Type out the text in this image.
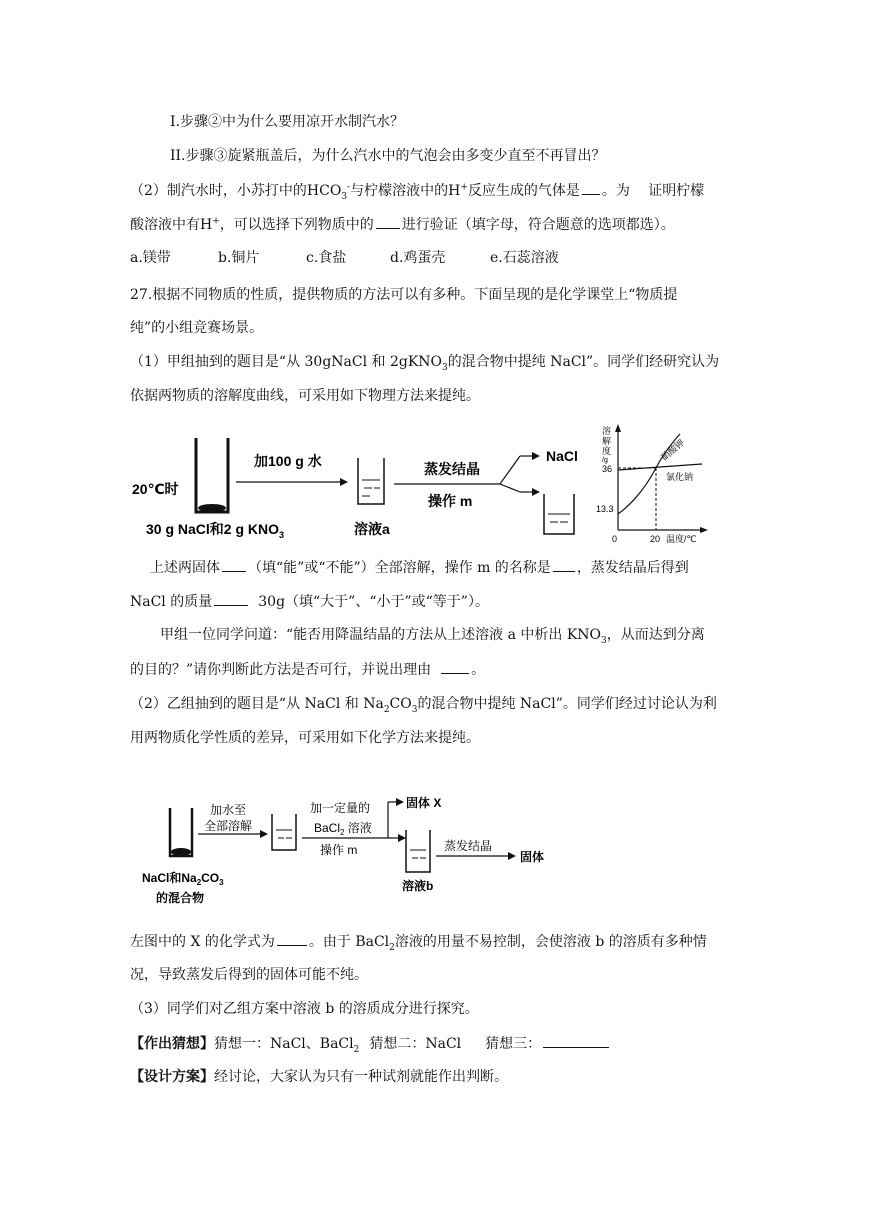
I.步骤②中为什么要用凉开水制汽水？
II.步骤③旋紧瓶盖后，为什么汽水中的气泡会由多变少直至不再冒出？
（2）制汽水时，小苏打中的$HCO_3^-$与柠檬溶液中的H+反应生成的气体是 。为　 证明柠檬
酸溶液中有H+，可以选择下列物质中的 进行验证（填字母，符合题意的选项都选）。
a.镁带	b.铜片	c.食盐	d.鸡蛋壳	e.石蕊溶液
27.根据不同物质的性质，提供物质的方法可以有多种。下面呈现的是化学课堂上“物质提
纯”的小组竞赛场景。
（1）甲组抽到的题目是“从 30gNaCl 和 2gKNO$_3$的混合物中提纯 NaCl”。同学们经研究认为
依据两物质的溶解度曲线，可采用如下物理方法来提纯。
20℃时
30 g NaCl和2 g $KNO_3$
加100 g 水
溶液a
蒸发结晶
操作 m
NaCl
溶
解
度
/g
36
13.3
0	20 温度/℃
硝酸钾
氯化钠
上述两固体 （填“能”或“不能”）全部溶解，操作 m 的名称是 ，蒸发结晶后得到
NaCl 的质量	30g（填“大于”、“小于”或“等于”）。
甲组一位同学问道：“能否用降温结晶的方法从上述溶液 a 中析出 $KNO_3$，从而达到分离
的目的？”请你判断此方法是否可行，并说出理由	。
（2）乙组抽到的题目是“从 NaCl 和 $Na_2CO_3$的混合物中提纯 NaCl”。同学们经过讨论认为利
用两物质化学性质的差异，可采用如下化学方法来提纯。
NaCl和$Na_2CO_3$
的混合物
加水至
全部溶解
加一定量的
BaCl$_2$ 溶液
操作 m
固体 X
溶液b
蒸发结晶
固体
左图中的 X 的化学式为 。由于 BaCl$_2$溶液的用量不易控制，会使溶液 b 的溶质有多种情
况，导致蒸发后得到的固体可能不纯。
（3）同学们对乙组方案中溶液 b 的溶质成分进行探究。
【作出猜想】猜想一：NaCl、BaCl$_2$ 猜想二：NaCl 猜想三：
【设计方案】经讨论，大家认为只有一种试剂就能作出判断。
